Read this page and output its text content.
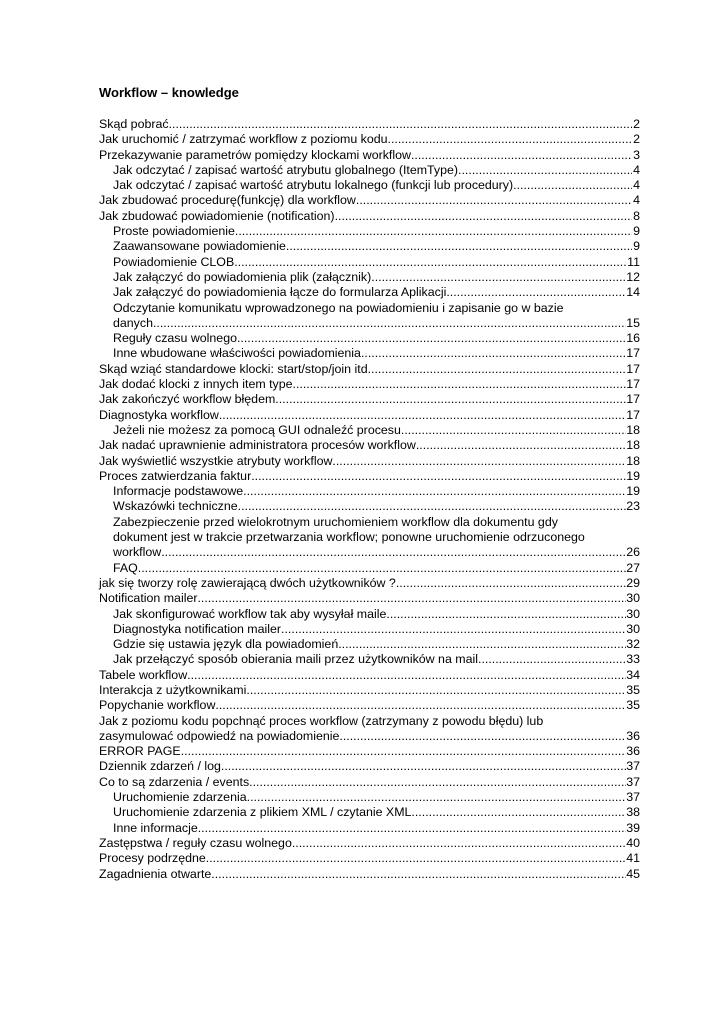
Workflow – knowledge
Skąd pobrać .....	2
Jak uruchomić / zatrzymać workflow z poziomu kodu .....	2
Przekazywanie parametrów pomiędzy klockami workflow .....	3
Jak odczytać / zapisać wartość atrybutu globalnego (ItemType) .....	4
Jak odczytać / zapisać wartość atrybutu lokalnego (funkcji lub procedury) .....	4
Jak zbudować procedurę(funkcję) dla workflow .....	4
Jak zbudować powiadomienie (notification) .....	8
Proste powiadomienie .....	9
Zaawansowane powiadomienie .....	9
Powiadomienie CLOB .....	11
Jak załączyć do powiadomienia plik (załącznik) .....	12
Jak załączyć do powiadomienia łącze do formularza Aplikacji .....	14
Odczytanie komunikatu wprowadzonego na powiadomieniu i zapisanie go w bazie
danych .....	15
Reguły czasu wolnego .....	16
Inne wbudowane właściwości powiadomienia .....	17
Skąd wziąć standardowe klocki: start/stop/join itd. .....	17
Jak dodać klocki z innych item type .....	17
Jak zakończyć workflow błędem .....	17
Diagnostyka workflow .....	17
Jeżeli nie możesz za pomocą GUI odnaleźć procesu .....	18
Jak nadać uprawnienie administratora procesów workflow .....	18
Jak wyświetlić wszystkie atrybuty workflow .....	18
Proces zatwierdzania faktur .....	19
Informacje podstawowe .....	19
Wskazówki techniczne .....	23
Zabezpieczenie przed wielokrotnym uruchomieniem workflow dla dokumentu gdy
dokument jest w trakcie przetwarzania workflow; ponowne uruchomienie odrzuconego
workflow .....	26
FAQ .....	27
jak się tworzy rolę zawierającą dwóch użytkowników ? .....	29
Notification mailer .....	30
Jak skonfigurować workflow tak aby wysyłał maile .....	30
Diagnostyka notification mailer .....	30
Gdzie się ustawia język dla powiadomień .....	32
Jak przełączyć sposób obierania maili przez użytkowników na mail .....	33
Tabele workflow .....	34
Interakcja z użytkownikami .....	35
Popychanie workflow .....	35
Jak z poziomu kodu popchnąć proces workflow (zatrzymany z powodu błędu) lub
zasymulować odpowiedź na powiadomienie .....	36
ERROR PAGE .....	36
Dziennik zdarzeń / log .....	37
Co to są zdarzenia / events .....	37
Uruchomienie zdarzenia .....	37
Uruchomienie zdarzenia z plikiem XML / czytanie XML .....	38
Inne informacje .....	39
Zastępstwa / reguły czasu wolnego .....	40
Procesy podrzędne .....	41
Zagadnienia otwarte .....	45
